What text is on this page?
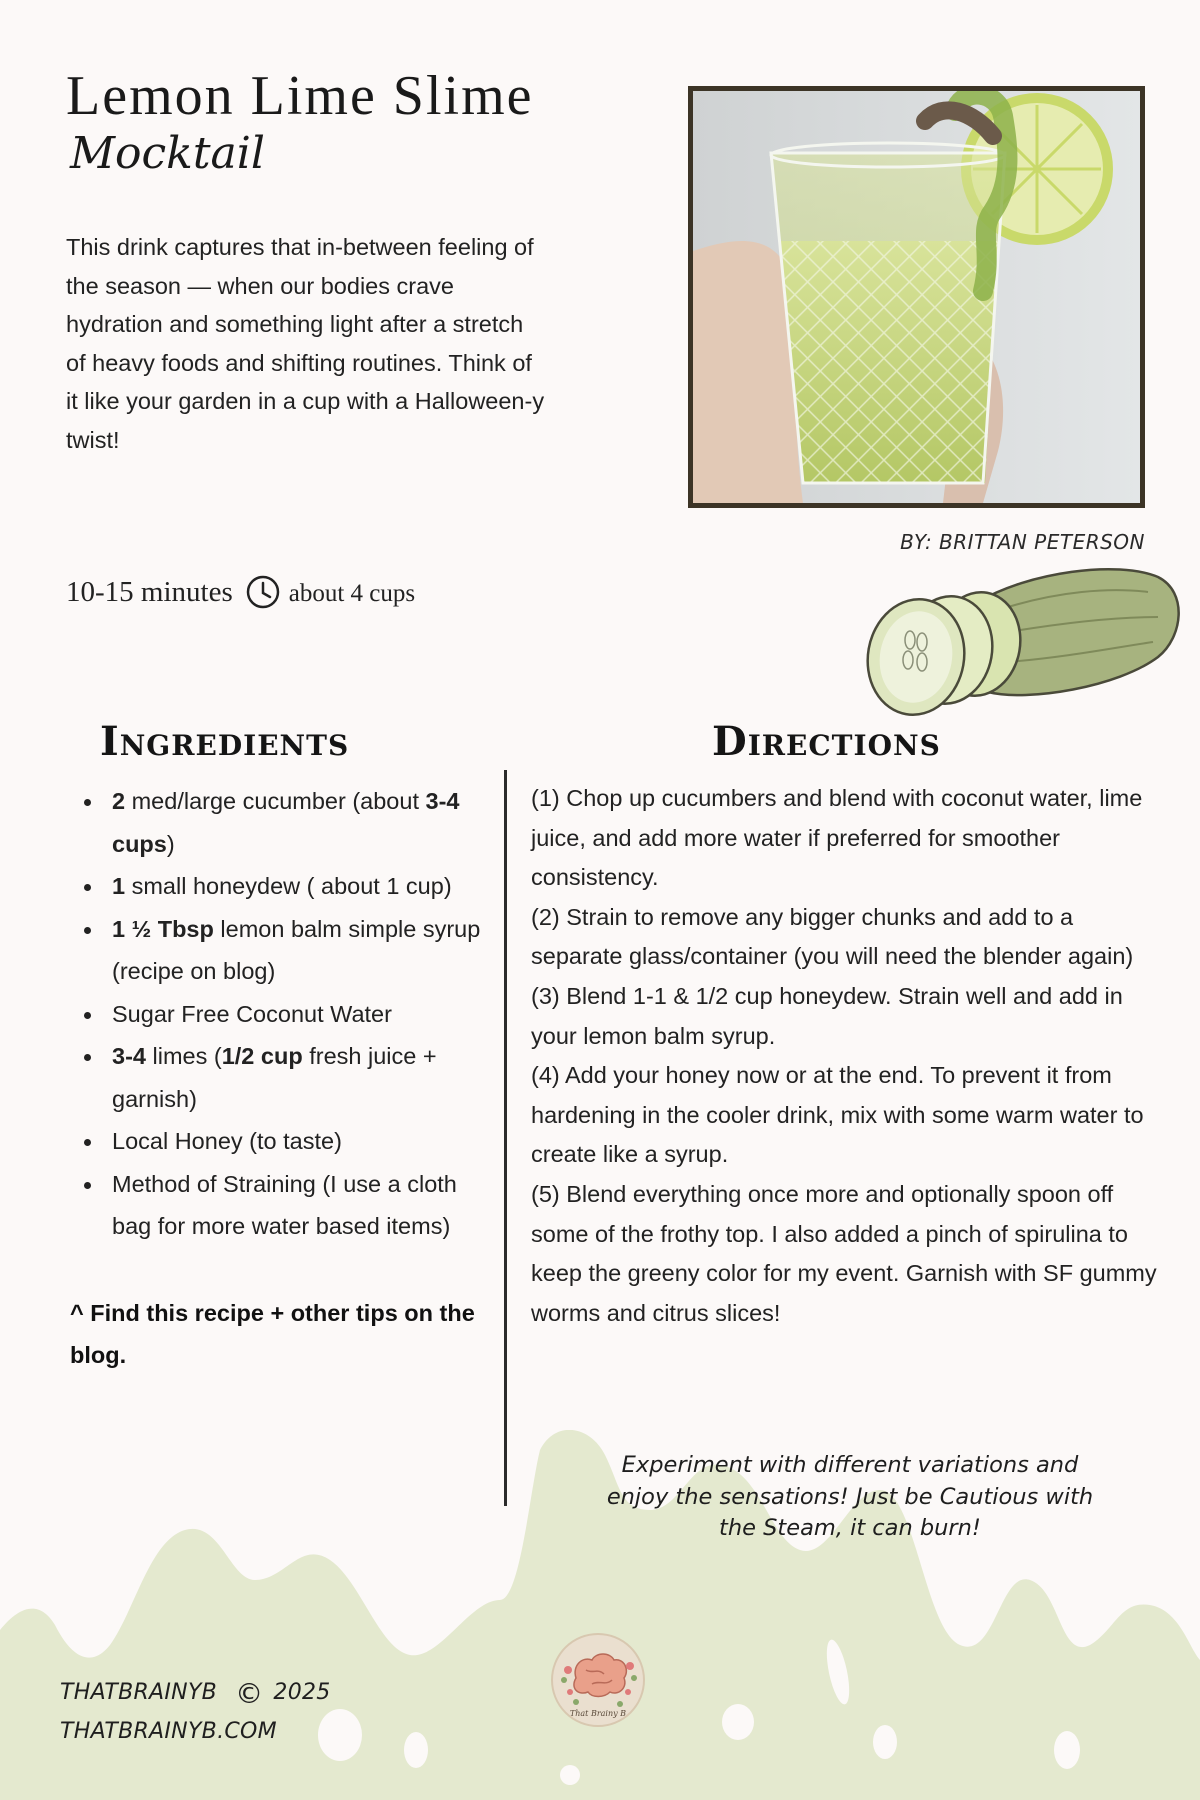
Lemon Lime Slime
Mocktail

This drink captures that in-between feeling of the season — when our bodies crave hydration and something light after a stretch of heavy foods and shifting routines. Think of it like your garden in a cup with a Halloween-y twist!

BY: BRITTAN PETERSON
10-15 minutes about 4 cups
Ingredients	Directions
2 med/large cucumber (about 3-4 cups)
1 small honeydew ( about 1 cup)
1 ½ Tbsp lemon balm simple syrup (recipe on blog)
Sugar Free Coconut Water
3-4 limes (1/2 cup fresh juice + garnish)
Local Honey (to taste)
Method of Straining (I use a cloth bag for more water based items)

^ Find this recipe + other tips on the blog.

(1) Chop up cucumbers and blend with coconut water, lime juice, and add more water if preferred for smoother consistency.

(2) Strain to remove any bigger chunks and add to a separate glass/container (you will need the blender again)

(3) Blend 1-1 & 1/2 cup honeydew. Strain well and add in your lemon balm syrup.

(4) Add your honey now or at the end. To prevent it from hardening in the cooler drink, mix with some warm water to create like a syrup.

(5) Blend everything once more and optionally spoon off some of the frothy top. I also added a pinch of spirulina to keep the greeny color for my event. Garnish with SF gummy worms and citrus slices!

Experiment with different variations and enjoy the sensations! Just be Cautious with the Steam, it can burn!

THATBRAINYB © 2025
THATBRAINYB.COM
That Brainy B
